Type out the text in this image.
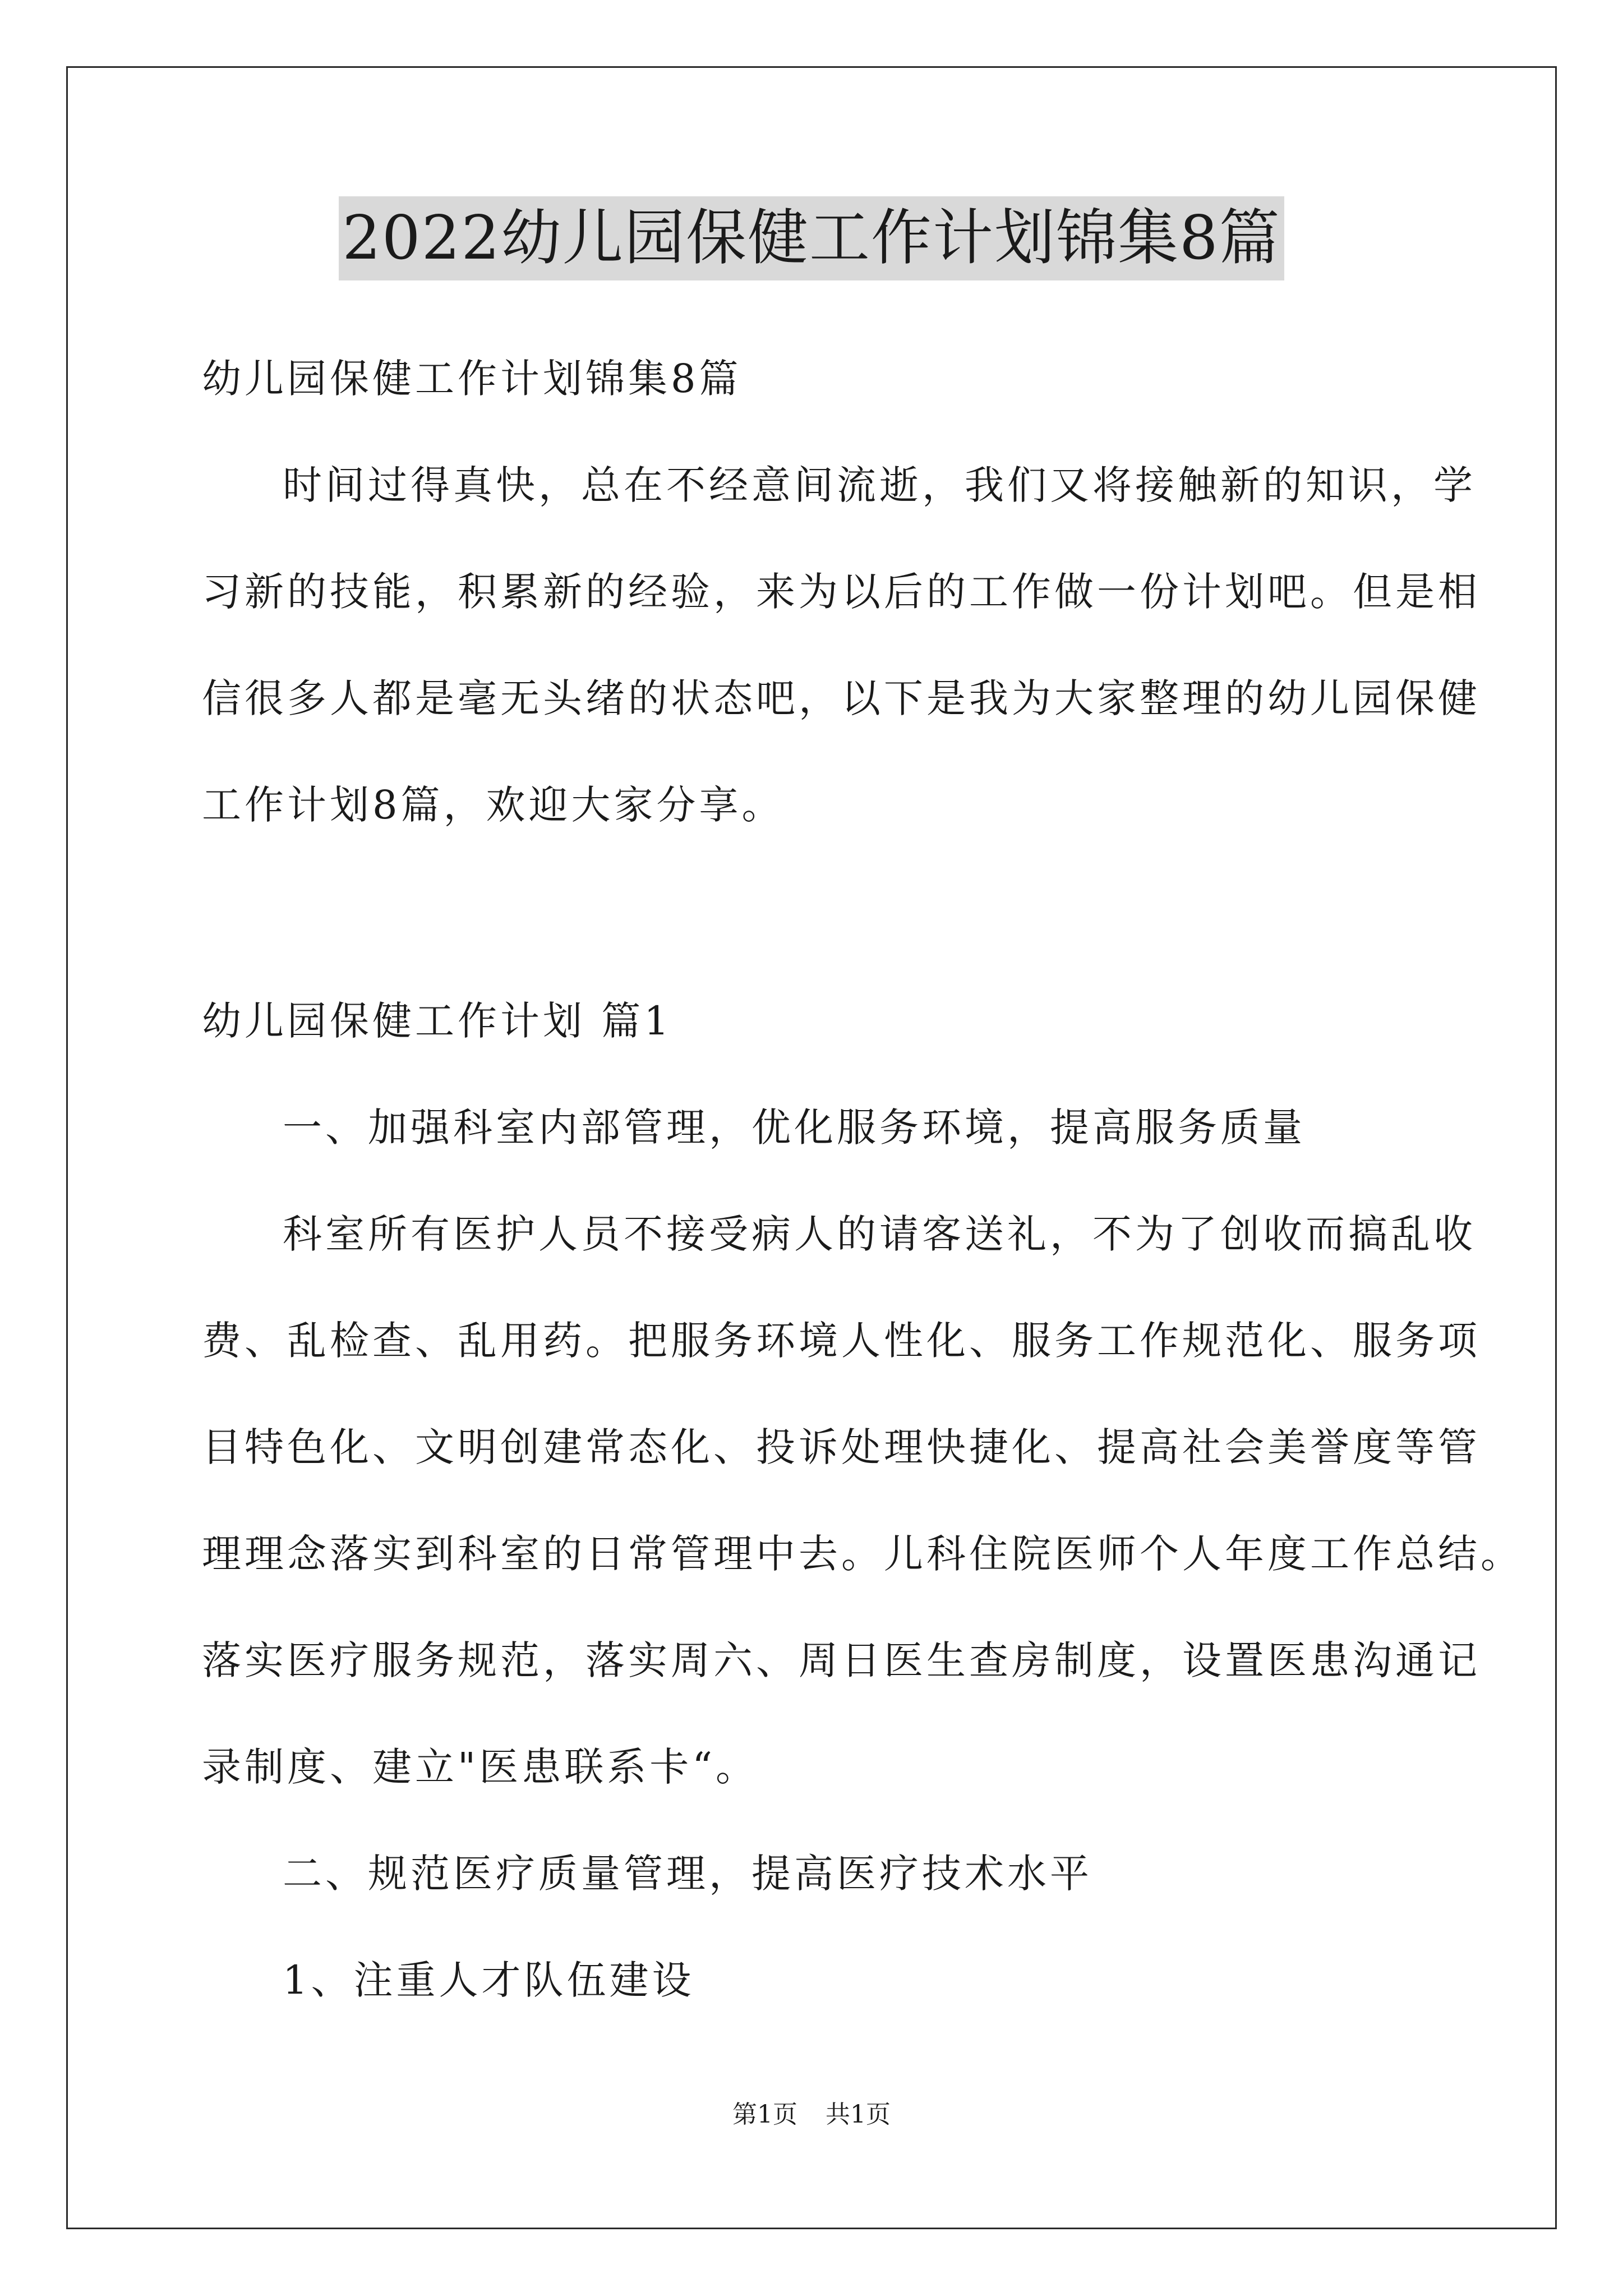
2022幼儿园保健工作计划锦集8篇
幼儿园保健工作计划锦集8篇
时间过得真快，总在不经意间流逝，我们又将接触新的知识，学
习新的技能，积累新的经验，来为以后的工作做一份计划吧。但是相
信很多人都是毫无头绪的状态吧，以下是我为大家整理的幼儿园保健
工作计划8篇，欢迎大家分享。
幼儿园保健工作计划 篇1
一、加强科室内部管理，优化服务环境，提高服务质量
科室所有医护人员不接受病人的请客送礼，不为了创收而搞乱收
费、乱检查、乱用药。把服务环境人性化、服务工作规范化、服务项
目特色化、文明创建常态化、投诉处理快捷化、提高社会美誉度等管
理理念落实到科室的日常管理中去。儿科住院医师个人年度工作总结。
落实医疗服务规范，落实周六、周日医生查房制度，设置医患沟通记
录制度、建立"医患联系卡“。
二、规范医疗质量管理，提高医疗技术水平
1、注重人才队伍建设
第1页 共1页
